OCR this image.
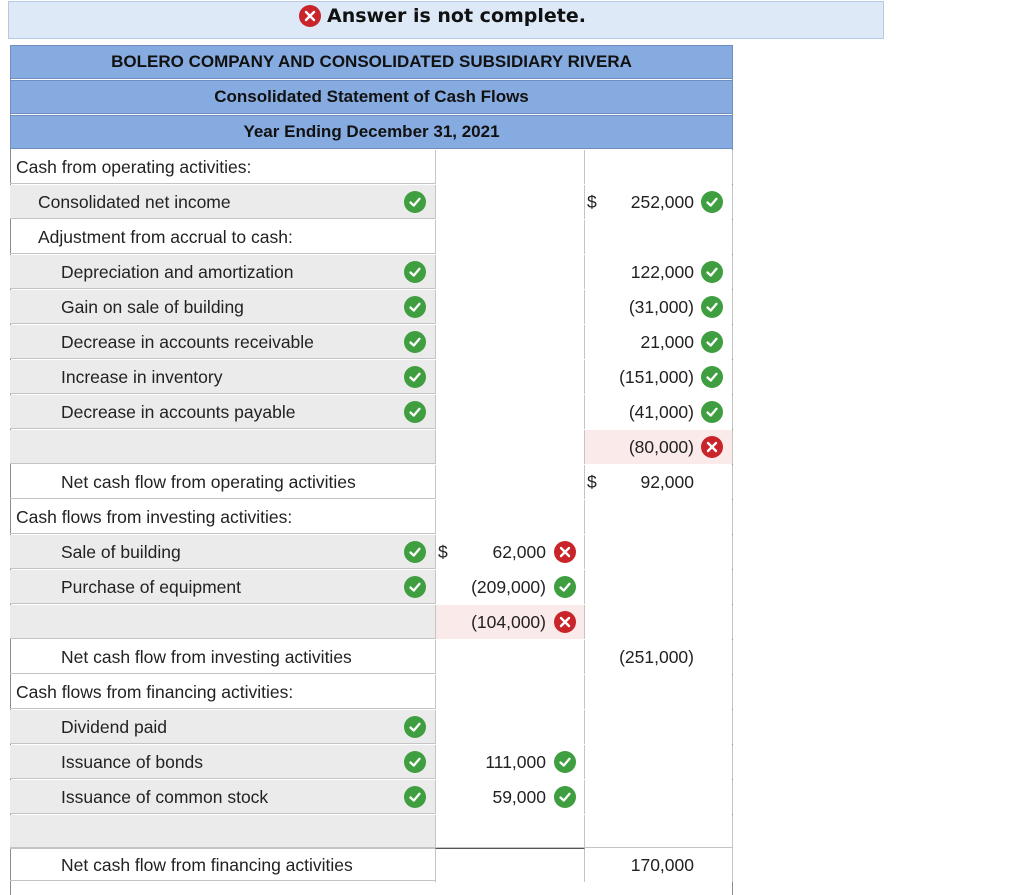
Answer is not complete.
BOLERO COMPANY AND CONSOLIDATED SUBSIDIARY RIVERA
Consolidated Statement of Cash Flows
Year Ending December 31, 2021
Cash from operating activities:
Consolidated net income	$ 252,000
Adjustment from accrual to cash:
Depreciation and amortization	122,000
Gain on sale of building	(31,000)
Decrease in accounts receivable	21,000
Increase in inventory	(151,000)
Decrease in accounts payable	(41,000)
(80,000)
Net cash flow from operating activities	$ 92,000
Cash flows from investing activities:
Sale of building	$	62,000
Purchase of equipment	(209,000)
(104,000)
Net cash flow from investing activities	(251,000)
Cash flows from financing activities:
Dividend paid
Issuance of bonds	111,000
Issuance of common stock	59,000
Net cash flow from financing activities	170,000
